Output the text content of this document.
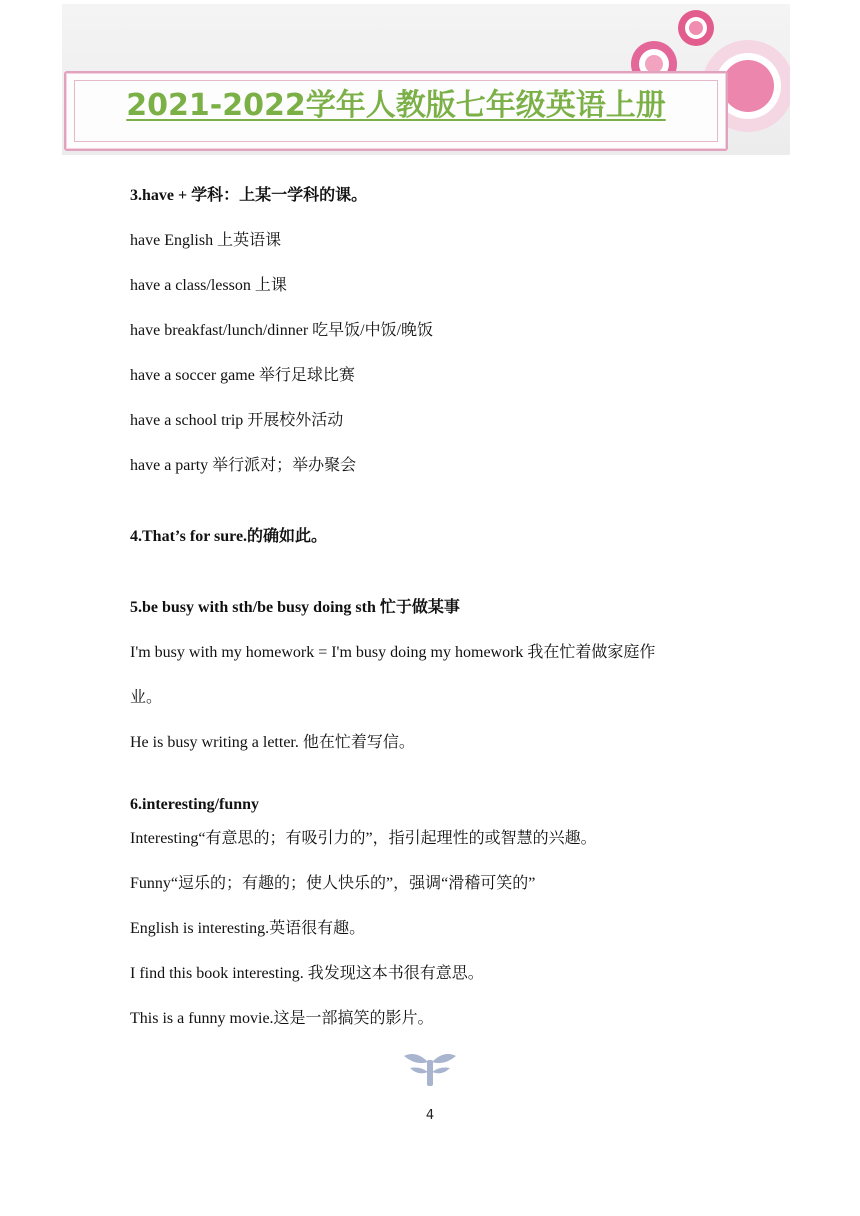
2021-2022学年人教版七年级英语上册
3.have + 学科：上某一学科的课。
have English 上英语课
have a class/lesson 上课
have breakfast/lunch/dinner 吃早饭/中饭/晚饭
have a soccer game 举行足球比赛
have a school trip 开展校外活动
have a party 举行派对；举办聚会
4.That’s for sure.的确如此。
5.be busy with sth/be busy doing sth 忙于做某事
I'm busy with my homework = I'm busy doing my homework 我在忙着做家庭作
业。
He is busy writing a letter. 他在忙着写信。
6.interesting/funny
Interesting“有意思的；有吸引力的”，指引起理性的或智慧的兴趣。
Funny“逗乐的；有趣的；使人快乐的”，强调“滑稽可笑的”
English is interesting.英语很有趣。
I find this book interesting. 我发现这本书很有意思。
This is a funny movie.这是一部搞笑的影片。
4
